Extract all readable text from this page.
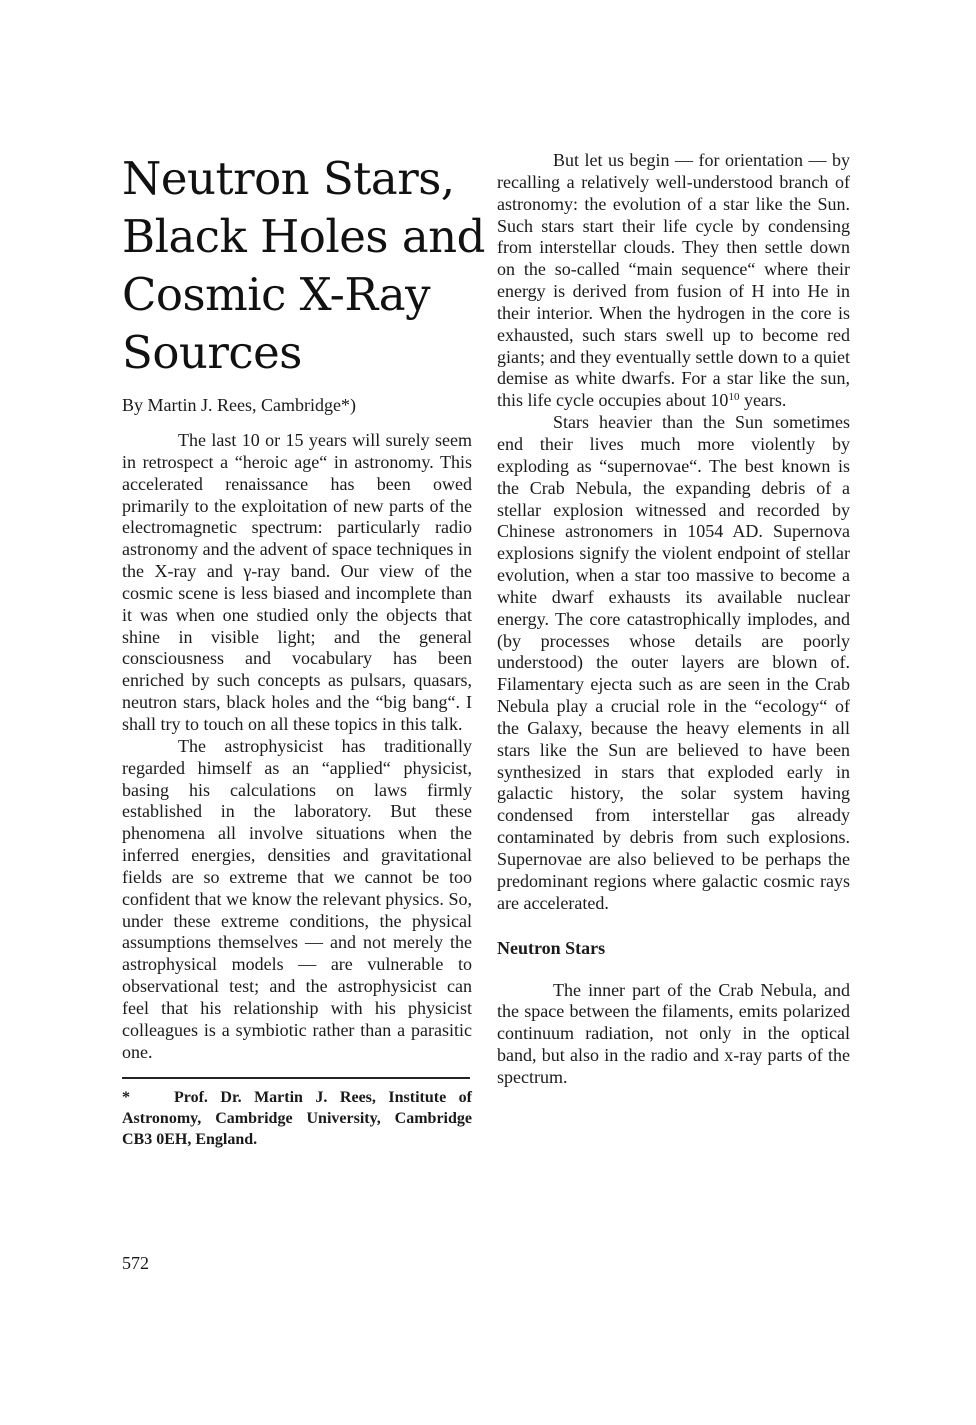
Neutron Stars,
Black Holes and
Cosmic X-Ray
Sources
By Martin J. Rees, Cambridge*)

The last 10 or 15 years will surely seem in retrospect a “heroic age“ in astronomy. This accelerated renaissance has been owed primarily to the exploitation of new parts of the electromagnetic spectrum: particularly radio astronomy and the advent of space techniques in the X-ray and γ-ray band. Our view of the cosmic scene is less biased and incomplete than it was when one studied only the objects that shine in visible light; and the general consciousness and vocabulary has been enriched by such concepts as pulsars, quasars, neutron stars, black holes and the “big bang“. I shall try to touch on all these topics in this talk.

The astrophysicist has traditionally regarded himself as an “applied“ physicist, basing his calculations on laws firmly established in the laboratory. But these phenomena all involve situations when the inferred energies, densities and gravitational fields are so extreme that we cannot be too confident that we know the relevant physics. So, under these extreme conditions, the physical assumptions themselves — and not merely the astrophysical models — are vulnerable to observational test; and the astrophysicist can feel that his relationship with his physicist colleagues is a symbiotic rather than a parasitic one.

*	Prof. Dr. Martin J. Rees, Institute of Astronomy, Cambridge University, Cambridge CB3 0EH, England.

But let us begin — for orientation — by recalling a relatively well-understood branch of astronomy: the evolution of a star like the Sun. Such stars start their life cycle by condensing from interstellar clouds. They then settle down on the so-called “main sequence“ where their energy is derived from fusion of H into He in their interior. When the hydrogen in the core is exhausted, such stars swell up to become red giants; and they eventually settle down to a quiet demise as white dwarfs. For a star like the sun, this life cycle occupies about $10^{10}$ years.

Stars heavier than the Sun sometimes end their lives much more violently by exploding as “supernovae“. The best known is the Crab Nebula, the expanding debris of a stellar explosion witnessed and recorded by Chinese astronomers in 1054 AD. Supernova explosions signify the violent endpoint of stellar evolution, when a star too massive to become a white dwarf exhausts its available nuclear energy. The core catastrophically implodes, and (by processes whose details are poorly understood) the outer layers are blown of. Filamentary ejecta such as are seen in the Crab Nebula play a crucial role in the “ecology“ of the Galaxy, because the heavy elements in all stars like the Sun are believed to have been synthesized in stars that exploded early in galactic history, the solar system having condensed from interstellar gas already contaminated by debris from such explosions. Supernovae are also believed to be perhaps the predominant regions where galactic cosmic rays are accelerated.

Neutron Stars

The inner part of the Crab Nebula, and the space between the filaments, emits polarized continuum radiation, not only in the optical band, but also in the radio and x-ray parts of the spectrum.

572
